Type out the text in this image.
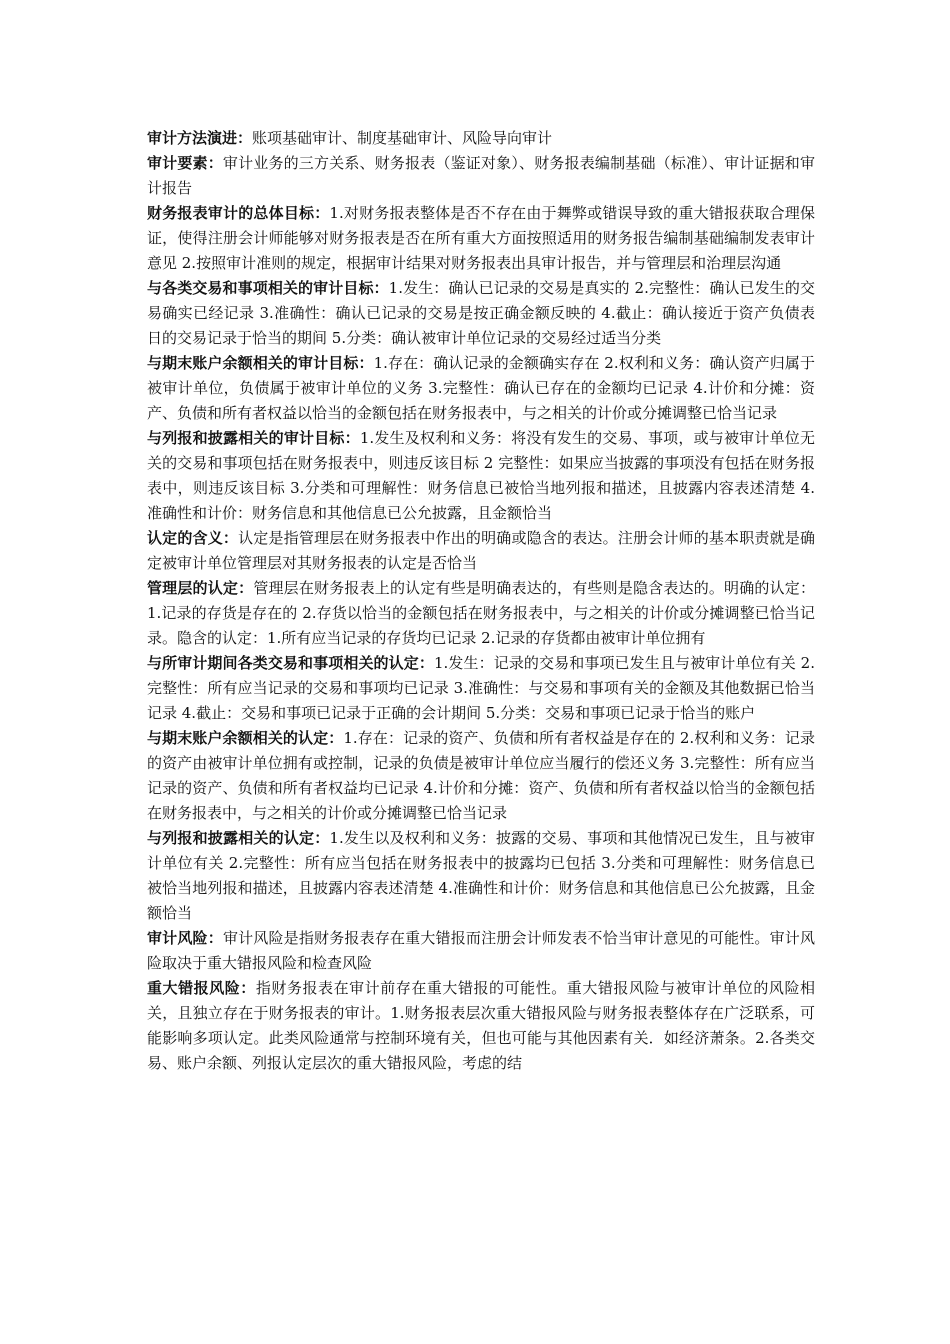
审计方法演进：账项基础审计、制度基础审计、风险导向审计

审计要素：审计业务的三方关系、财务报表（鉴证对象）、财务报表编制基础（标准）、审计证据和审计报告

财务报表审计的总体目标：1.对财务报表整体是否不存在由于舞弊或错误导致的重大错报获取合理保证，使得注册会计师能够对财务报表是否在所有重大方面按照适用的财务报告编制基础编制发表审计意见 2.按照审计准则的规定，根据审计结果对财务报表出具审计报告，并与管理层和治理层沟通

与各类交易和事项相关的审计目标：1.发生：确认已记录的交易是真实的 2.完整性：确认已发生的交易确实已经记录 3.准确性：确认已记录的交易是按正确金额反映的 4.截止：确认接近于资产负债表日的交易记录于恰当的期间 5.分类：确认被审计单位记录的交易经过适当分类

与期末账户余额相关的审计目标：1.存在：确认记录的金额确实存在 2.权利和义务：确认资产归属于被审计单位，负债属于被审计单位的义务 3.完整性：确认已存在的金额均已记录 4.计价和分摊：资产、负债和所有者权益以恰当的金额包括在财务报表中，与之相关的计价或分摊调整已恰当记录

与列报和披露相关的审计目标：1.发生及权利和义务：将没有发生的交易、事项，或与被审计单位无关的交易和事项包括在财务报表中，则违反该目标 2 完整性：如果应当披露的事项没有包括在财务报表中，则违反该目标 3.分类和可理解性：财务信息已被恰当地列报和描述，且披露内容表述清楚 4.准确性和计价：财务信息和其他信息已公允披露，且金额恰当

认定的含义：认定是指管理层在财务报表中作出的明确或隐含的表达。注册会计师的基本职责就是确定被审计单位管理层对其财务报表的认定是否恰当

管理层的认定：管理层在财务报表上的认定有些是明确表达的，有些则是隐含表达的。明确的认定：1.记录的存货是存在的 2.存货以恰当的金额包括在财务报表中，与之相关的计价或分摊调整已恰当记录。隐含的认定：1.所有应当记录的存货均已记录 2.记录的存货都由被审计单位拥有

与所审计期间各类交易和事项相关的认定：1.发生：记录的交易和事项已发生且与被审计单位有关 2.完整性：所有应当记录的交易和事项均已记录 3.准确性：与交易和事项有关的金额及其他数据已恰当记录 4.截止：交易和事项已记录于正确的会计期间 5.分类：交易和事项已记录于恰当的账户

与期末账户余额相关的认定：1.存在：记录的资产、负债和所有者权益是存在的 2.权利和义务：记录的资产由被审计单位拥有或控制，记录的负债是被审计单位应当履行的偿还义务 3.完整性：所有应当记录的资产、负债和所有者权益均已记录 4.计价和分摊：资产、负债和所有者权益以恰当的金额包括在财务报表中，与之相关的计价或分摊调整已恰当记录

与列报和披露相关的认定：1.发生以及权利和义务：披露的交易、事项和其他情况已发生，且与被审计单位有关 2.完整性：所有应当包括在财务报表中的披露均已包括 3.分类和可理解性：财务信息已被恰当地列报和描述，且披露内容表述清楚 4.准确性和计价：财务信息和其他信息已公允披露，且金额恰当

审计风险：审计风险是指财务报表存在重大错报而注册会计师发表不恰当审计意见的可能性。审计风险取决于重大错报风险和检查风险

重大错报风险：指财务报表在审计前存在重大错报的可能性。重大错报风险与被审计单位的风险相关，且独立存在于财务报表的审计。1.财务报表层次重大错报风险与财务报表整体存在广泛联系，可能影响多项认定。此类风险通常与控制环境有关，但也可能与其他因素有关．如经济萧条。2.各类交易、账户余额、列报认定层次的重大错报风险，考虑的结
